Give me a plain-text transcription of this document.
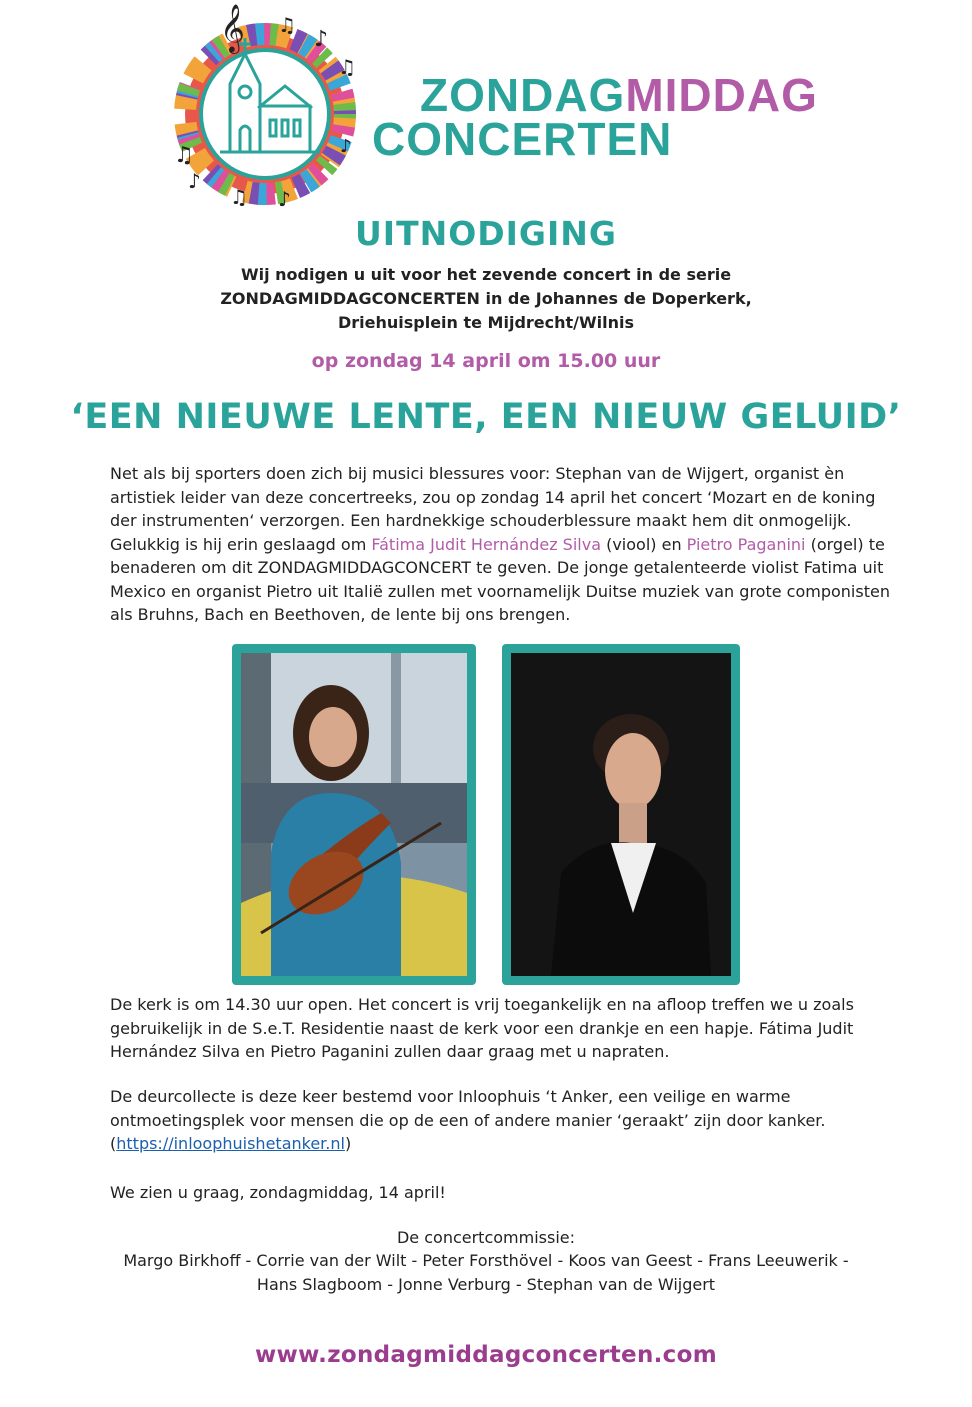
𝄞 ♫
♪
♫
♫
♪
♫ ♪
♪
ZONDAGMIDDAG
CONCERTEN
UITNODIGING
Wij nodigen u uit voor het zevende concert in de serie
ZONDAGMIDDAGCONCERTEN in de Johannes de Doperkerk,
Driehuisplein te Mijdrecht/Wilnis
op zondag 14 april om 15.00 uur
‘EEN NIEUWE LENTE, EEN NIEUW GELUID’
Net als bij sporters doen zich bij musici blessures voor: Stephan van de Wijgert, organist èn artistiek leider van deze concertreeks, zou op zondag 14 april het concert ‘Mozart en de koning der instrumenten‘ verzorgen. Een hardnekkige schouderblessure maakt hem dit onmogelijk. Gelukkig is hij erin geslaagd om Fátima Judit Hernández Silva (viool) en Pietro Paganini (orgel) te benaderen om dit ZONDAGMIDDAGCONCERT te geven. De jonge getalenteerde violist Fatima uit Mexico en organist Pietro uit Italië zullen met voornamelijk Duitse muziek van grote componisten als Bruhns, Bach en Beethoven, de lente bij ons brengen.
De kerk is om 14.30 uur open. Het concert is vrij toegankelijk en na afloop treffen we u zoals gebruikelijk in de S.e.T. Residentie naast de kerk voor een drankje en een hapje. Fátima Judit Hernández Silva en Pietro Paganini zullen daar graag met u napraten.
De deurcollecte is deze keer bestemd voor Inloophuis ‘t Anker, een veilige en warme ontmoetingsplek voor mensen die op de een of andere manier ‘geraakt’ zijn door kanker.
(https://inloophuishetanker.nl)
We zien u graag, zondagmiddag, 14 april!
De concertcommissie:
Margo Birkhoff - Corrie van der Wilt - Peter Forsthövel - Koos van Geest - Frans Leeuwerik -
Hans Slagboom - Jonne Verburg - Stephan van de Wijgert
www.zondagmiddagconcerten.com
